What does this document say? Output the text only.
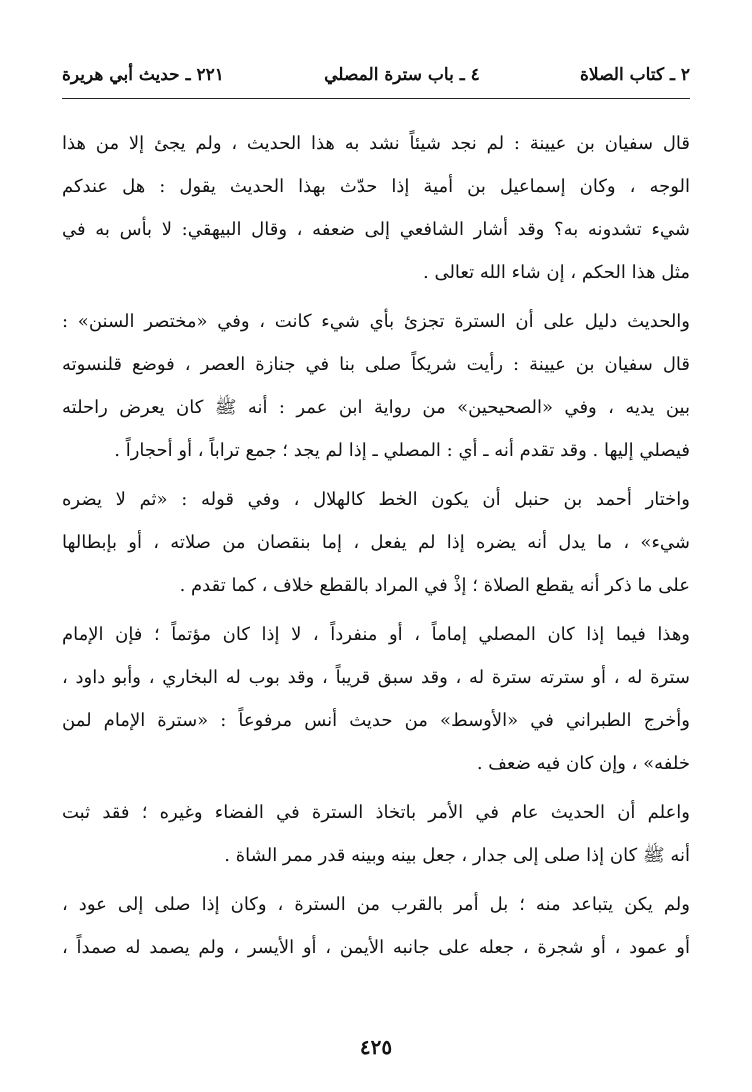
٢ ـ كتاب الصلاة
٤ ـ باب سترة المصلي
٢٢١ ـ حديث أبي هريرة

قال سفيان بن عيينة : لم نجد شيئاً نشد به هذا الحديث ، ولم يجئ إلا من هذا
الوجه ، وكان إسماعيل بن أمية إذا حدّث بهذا الحديث يقول : هل عندكم
شيء تشدونه به؟ وقد أشار الشافعي إلى ضعفه ، وقال البيهقي: لا بأس به في
مثل هذا الحكم ، إن شاء الله تعالى .

والحديث دليل على أن السترة تجزئ بأي شيء كانت ، وفي «مختصر السنن» :
قال سفيان بن عيينة : رأيت شريكاً صلى بنا في جنازة العصر ، فوضع قلنسوته
بين يديه ، وفي «الصحيحين» من رواية ابن عمر : أنه ﷺ كان يعرض راحلته
فيصلي إليها . وقد تقدم أنه ـ أي : المصلي ـ إذا لم يجد ؛ جمع تراباً ، أو أحجاراً .

واختار أحمد بن حنبل أن يكون الخط كالهلال ، وفي قوله : «ثم لا يضره
شيء» ، ما يدل أنه يضره إذا لم يفعل ، إما بنقصان من صلاته ، أو بإبطالها
على ما ذكر أنه يقطع الصلاة ؛ إذْ في المراد بالقطع خلاف ، كما تقدم .

وهذا فيما إذا كان المصلي إماماً ، أو منفرداً ، لا إذا كان مؤتماً ؛ فإن الإمام
سترة له ، أو سترته سترة له ، وقد سبق قريباً ، وقد بوب له البخاري ، وأبو داود ،
وأخرج الطبراني في «الأوسط» من حديث أنس مرفوعاً : «سترة الإمام لمن
خلفه» ، وإن كان فيه ضعف .

واعلم أن الحديث عام في الأمر باتخاذ السترة في الفضاء وغيره ؛ فقد ثبت
أنه ﷺ كان إذا صلى إلى جدار ، جعل بينه وبينه قدر ممر الشاة .

ولم يكن يتباعد منه ؛ بل أمر بالقرب من السترة ، وكان إذا صلى إلى عود ،
أو عمود ، أو شجرة ، جعله على جانبه الأيمن ، أو الأيسر ، ولم يصمد له صمداً ،

٤٢٥
